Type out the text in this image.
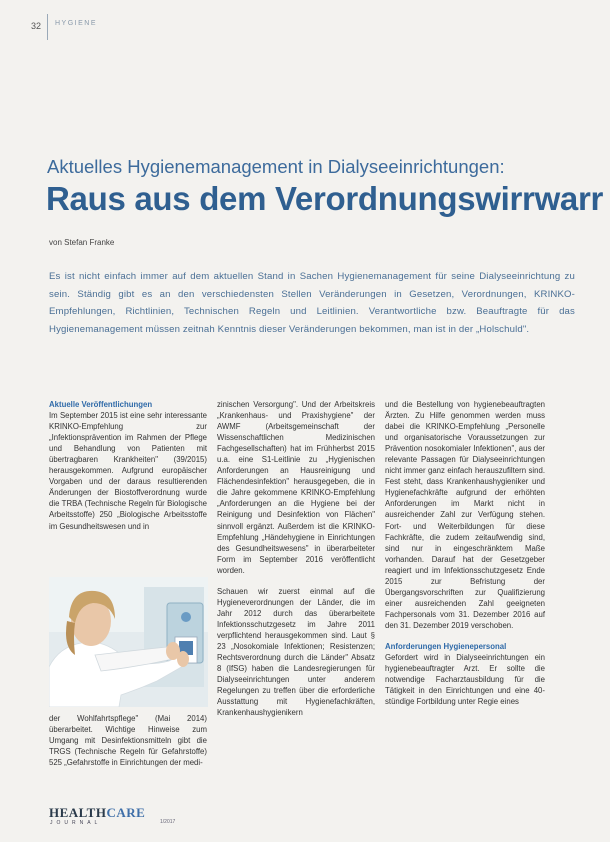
32 HYGIENE
Aktuelles Hygienemanagement in Dialyseeinrichtungen:
Raus aus dem Verordnungswirrwarr
von Stefan Franke
Es ist nicht einfach immer auf dem aktuellen Stand in Sachen Hygienemanagement für seine Dialyseeinrichtung zu sein. Ständig gibt es an den verschiedensten Stellen Veränderungen in Gesetzen, Verordnungen, KRINKO-Empfehlungen, Richtlinien, Technischen Regeln und Leitlinien. Verantwortliche bzw. Beauftragte für das Hygienemanagement müssen zeitnah Kenntnis dieser Veränderungen bekommen, man ist in der „Holschuld".

Aktuelle Veröffentlichungen

Im September 2015 ist eine sehr interessante KRINKO-Empfehlung zur „Infektionsprävention im Rahmen der Pflege und Behandlung von Patienten mit übertragbaren Krankheiten" (39/2015) herausgekommen. Aufgrund europäischer Vorgaben und der daraus resultierenden Änderungen der Biostoffverordnung wurde die TRBA (Technische Regeln für Biologische Arbeitsstoffe) 250 „Biologische Arbeitsstoffe im Gesundheitswesen und in

der Wohlfahrtspflege" (Mai 2014) überarbeitet. Wichtige Hinweise zum Umgang mit Desinfektionsmitteln gibt die TRGS (Technische Regeln für Gefahrstoffe) 525 „Gefahrstoffe in Einrichtungen der medi-

zinischen Versorgung". Und der Arbeitskreis „Krankenhaus- und Praxishygiene" der AWMF (Arbeitsgemeinschaft der Wissenschaftlichen Medizinischen Fachgesellschaften) hat im Frühherbst 2015 u.a. eine S1-Leitlinie zu „Hygienischen Anforderungen an Hausreinigung und Flächendesinfektion" herausgegeben, die in die Jahre gekommene KRINKO-Empfehlung „Anforderungen an die Hygiene bei der Reinigung und Desinfektion von Flächen" sinnvoll ergänzt. Außerdem ist die KRINKO-Empfehlung „Händehygiene in Einrichtungen des Gesundheitswesens" in überarbeiteter Form im September 2016 veröffentlicht worden.

Schauen wir zuerst einmal auf die Hygieneverordnungen der Länder, die im Jahr 2012 durch das überarbeitete Infektionsschutzgesetz im Jahre 2011 verpflichtend herausgekommen sind. Laut § 23 „Nosokomiale Infektionen; Resistenzen; Rechtsverordnung durch die Länder" Absatz 8 (IfSG) haben die Landesregierungen für Dialyseeinrichtungen unter anderem Regelungen zu treffen über die erforderliche Ausstattung mit Hygienefachkräften, Krankenhaushygienikern

und die Bestellung von hygienebeauftragten Ärzten. Zu Hilfe genommen werden muss dabei die KRINKO-Empfehlung „Personelle und organisatorische Voraussetzungen zur Prävention nosokomialer Infektionen", aus der relevante Passagen für Dialyseeinrichtungen nicht immer ganz einfach herauszufiltern sind. Fest steht, dass Krankenhaushygieniker und Hygienefachkräfte aufgrund der erhöhten Anforderungen im Markt nicht in ausreichender Zahl zur Verfügung stehen. Fort- und Weiterbildungen für diese Fachkräfte, die zudem zeitaufwendig sind, sind nur in eingeschränktem Maße vorhanden. Darauf hat der Gesetzgeber reagiert und im Infektionsschutzgesetz Ende 2015 zur Befristung der Übergangsvorschriften zur Qualifizierung einer ausreichenden Zahl geeigneten Fachpersonals vom 31. Dezember 2016 auf den 31. Dezember 2019 verschoben.

Anforderungen Hygienepersonal

Gefordert wird in Dialyseeinrichtungen ein hygienebeauftragter Arzt. Er sollte die notwendige Facharztausbildung für die Tätigkeit in den Einrichtungen und eine 40-stündige Fortbildung unter Regie eines

HEALTHCARE
JOURNAL	1/2017
